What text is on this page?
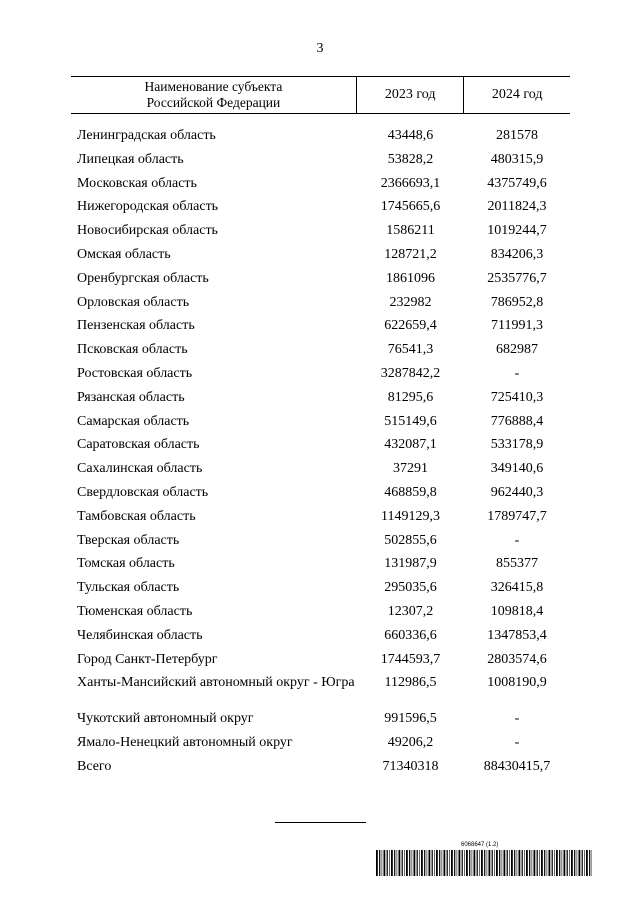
3
Наименование субъекта
Российской Федерации
2023 год	2024 год
Ленинградская область	43448,6	281578
Липецкая область	53828,2	480315,9
Московская область	2366693,1	4375749,6
Нижегородская область	1745665,6	2011824,3
Новосибирская область	1586211	1019244,7
Омская область	128721,2	834206,3
Оренбургская область	1861096	2535776,7
Орловская область	232982	786952,8
Пензенская область	622659,4	711991,3
Псковская область	76541,3	682987
Ростовская область	3287842,2	-
Рязанская область	81295,6	725410,3
Самарская область	515149,6	776888,4
Саратовская область	432087,1	533178,9
Сахалинская область	37291	349140,6
Свердловская область	468859,8	962440,3
Тамбовская область	1149129,3	1789747,7
Тверская область	502855,6	-
Томская область	131987,9	855377
Тульская область	295035,6	326415,8
Тюменская область	12307,2	109818,4
Челябинская область	660336,6	1347853,4
Город Санкт-Петербург	1744593,7	2803574,6
Ханты-Мансийский автономный округ - Югра	112986,5	1008190,9
Чукотский автономный округ	991596,5	-
Ямало-Ненецкий автономный округ	49206,2	-
Всего	71340318	88430415,7
6068647 (1.2)
